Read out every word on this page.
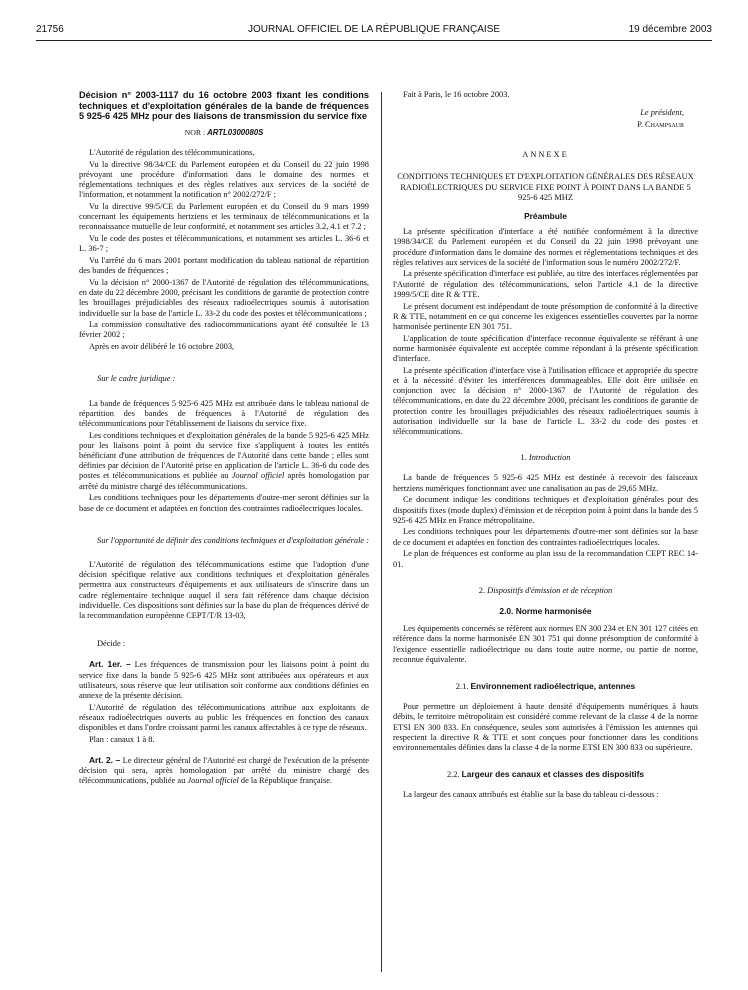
21756	JOURNAL OFFICIEL DE LA RÉPUBLIQUE FRANÇAISE	19 décembre 2003

Décision n° 2003-1117 du 16 octobre 2003 fixant les conditions techniques et d'exploitation générales de la bande de fréquences 5 925-6 425 MHz pour des liaisons de transmission du service fixe

NOR : ARTL0300080S

L'Autorité de régulation des télécommunications,

Vu la directive 98/34/CE du Parlement européen et du Conseil du 22 juin 1998 prévoyant une procédure d'information dans le domaine des normes et réglementations techniques et des règles relatives aux services de la société de l'information, et notamment la notification n° 2002/272/F ;

Vu la directive 99/5/CE du Parlement européen et du Conseil du 9 mars 1999 concernant les équipements hertziens et les terminaux de télécommunications et la reconnaissance mutuelle de leur conformité, et notamment ses articles 3.2, 4.1 et 7.2 ;

Vu le code des postes et télécommunications, et notamment ses articles L. 36-6 et L. 36-7 ;

Vu l'arrêté du 6 mars 2001 portant modification du tableau national de répartition des bandes de fréquences ;

Vu la décision n° 2000-1367 de l'Autorité de régulation des télécommunications, en date du 22 décembre 2000, précisant les conditions de garantie de protection contre les brouillages préjudiciables des réseaux radioélectriques soumis à autorisation individuelle sur la base de l'article L. 33-2 du code des postes et télécommunications ;

La commission consultative des radiocommunications ayant été consultée le 13 février 2002 ;

Après en avoir délibéré le 16 octobre 2003,

Sur le cadre juridique :

La bande de fréquences 5 925-6 425 MHz est attribuée dans le tableau national de répartition des bandes de fréquences à l'Autorité de régulation des télécommunications pour l'établissement de liaisons du service fixe.

Les conditions techniques et d'exploitation générales de la bande 5 925-6 425 MHz pour les liaisons point à point du service fixe s'appliquent à toutes les entités bénéficiant d'une attribution de fréquences de l'Autorité dans cette bande ; elles sont définies par décision de l'Autorité prise en application de l'article L. 36-6 du code des postes et télécommunications et publiée au Journal officiel après homologation par arrêté du ministre chargé des télécommunications.

Les conditions techniques pour les départements d'outre-mer seront définies sur la base de ce document et adaptées en fonction des contraintes radioélectriques locales.

Sur l'opportunité de définir des conditions techniques et d'exploitation générale :

L'Autorité de régulation des télécommunications estime que l'adoption d'une décision spécifique relative aux conditions techniques et d'exploitation générales permettra aux constructeurs d'équipements et aux utilisateurs de s'inscrire dans un cadre réglementaire technique auquel il sera fait référence dans chaque décision individuelle. Ces dispositions sont définies sur la base du plan de fréquences dérivé de la recommandation européenne CEPT/T/R 13-03,

Décide :

Art. 1er. – Les fréquences de transmission pour les liaisons point à point du service fixe dans la bande 5 925-6 425 MHz sont attribuées aux opérateurs et aux utilisateurs, sous réserve que leur utilisation soit conforme aux conditions définies en annexe de la présente décision.

L'Autorité de régulation des télécommunications attribue aux exploitants de réseaux radioélectriques ouverts au public les fréquences en fonction des canaux disponibles et dans l'ordre croissant parmi les canaux affectables à ce type de réseaux.

Plan : canaux 1 à 8.

Art. 2. – Le directeur général de l'Autorité est chargé de l'exécution de la présente décision qui sera, après homologation par arrêté du ministre chargé des télécommunications, publiée au Journal officiel de la République française.

Fait à Paris, le 16 octobre 2003.

Le président,

P. Champsaur

ANNEXE

CONDITIONS TECHNIQUES ET D'EXPLOITATION GÉNÉRALES DES RÉSEAUX RADIOÉLECTRIQUES DU SERVICE FIXE POINT À POINT DANS LA BANDE 5 925-6 425 MHZ

Préambule

La présente spécification d'interface a été notifiée conformément à la directive 1998/34/CE du Parlement européen et du Conseil du 22 juin 1998 prévoyant une procédure d'information dans le domaine des normes et réglementations techniques et des règles relatives aux services de la société de l'information sous le numéro 2002/272/F.

La présente spécification d'interface est publiée, au titre des interfaces réglementées par l'Autorité de régulation des télécommunications, selon l'article 4.1 de la directive 1999/5/CE dite R & TTE.

Le présent document est indépendant de toute présomption de conformité à la directive R & TTE, notamment en ce qui concerne les exigences essentielles couvertes par la norme harmonisée pertinente EN 301 751.

L'application de toute spécification d'interface reconnue équivalente se référant à une norme harmonisée équivalente est acceptée comme répondant à la présente spécification d'interface.

La présente spécification d'interface vise à l'utilisation efficace et appropriée du spectre et à la nécessité d'éviter les interférences dommageables. Elle doit être utilisée en conjonction avec la décision n° 2000-1367 de l'Autorité de régulation des télécommunications, en date du 22 décembre 2000, précisant les conditions de garantie de protection contre les brouillages préjudiciables des réseaux radioélectriques soumis à autorisation individuelle sur la base de l'article L. 33-2 du code des postes et télécommunications.

1. Introduction

La bande de fréquences 5 925-6 425 MHz est destinée à recevoir des faisceaux hertziens numériques fonctionnant avec une canalisation au pas de 29,65 MHz.

Ce document indique les conditions techniques et d'exploitation générales pour des dispositifs fixes (mode duplex) d'émission et de réception point à point dans la bande des 5 925-6 425 MHz en France métropolitaine.

Les conditions techniques pour les départements d'outre-mer sont définies sur la base de ce document et adaptées en fonction des contraintes radioélectriques locales.

Le plan de fréquences est conforme au plan issu de la recommandation CEPT REC 14-01.

2. Dispositifs d'émission et de réception

2.0. Norme harmonisée

Les équipements concernés se réfèrent aux normes EN 300 234 et EN 301 127 citées en référence dans la norme harmonisée EN 301 751 qui donne présomption de conformité à l'exigence essentielle radioélectrique ou dans toute autre norme, ou partie de norme, reconnue équivalente.

2.1. Environnement radioélectrique, antennes

Pour permettre un déploiement à haute densité d'équipements numériques à hauts débits, le territoire métropolitain est considéré comme relevant de la classe 4 de la norme ETSI EN 300 833. En conséquence, seules sont autorisées à l'émission les antennes qui respectent la directive R & TTE et sont conçues pour fonctionner dans les conditions environnementales définies dans la classe 4 de la norme ETSI EN 300 833 ou supérieure.

2.2. Largeur des canaux et classes des dispositifs

La largeur des canaux attribués est établie sur la base du tableau ci-dessous :
